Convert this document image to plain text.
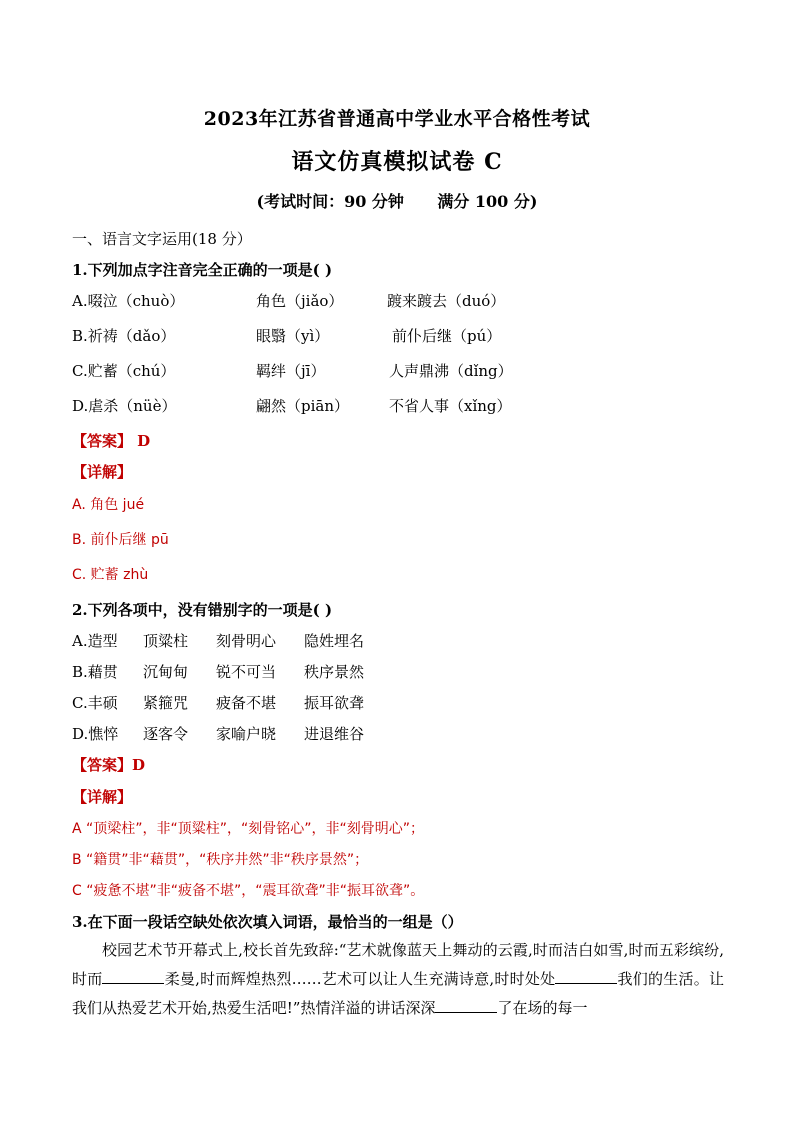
2023年江苏省普通高中学业水平合格性考试
语文仿真模拟试卷 C
(考试时间：90 分钟      满分 100 分)
一、语言文字运用(18 分）
1.下列加点字注音完全正确的一项是( )
A.啜泣（chuò）	角色（jiǎo）	踱来踱去（duó）
B.祈祷（dǎo）	眼翳（yì）	前仆后继（pú）
C.贮蓄（chú）	羁绊（jī）	人声鼎沸（dǐng）
D.虐杀（nüè）	翩然（piān）	不省人事（xǐng）
【答案】 D
【详解】
A. 角色 jué
B. 前仆后继 pū
C. 贮蓄 zhù
2.下列各项中，没有错别字的一项是( )
A.造型 顶粱柱 刻骨明心 隐姓埋名
B.藉贯 沉甸甸 锐不可当 秩序景然
C.丰硕 紧箍咒 疲备不堪 振耳欲聋
D.憔悴 逐客令 家喻户晓 进退维谷
【答案】D
【详解】
A “顶梁柱”，非“顶粱柱”，“刻骨铭心”，非“刻骨明心”；
B “籍贯”非“藉贯”，“秩序井然”非“秩序景然”；
C “疲惫不堪”非“疲备不堪”，“震耳欲聋”非“振耳欲聋”。
3.在下面一段话空缺处依次填入词语，最恰当的一组是（）
校园艺术节开幕式上,校长首先致辞:“艺术就像蓝天上舞动的云霞,时而洁白如雪,时而五彩缤纷,时而	柔曼,时而辉煌热烈……艺术可以让人生充满诗意,时时处处	我们的生活。让我们从热爱艺术开始,热爱生活吧!”热情洋溢的讲话深深	了在场的每一
